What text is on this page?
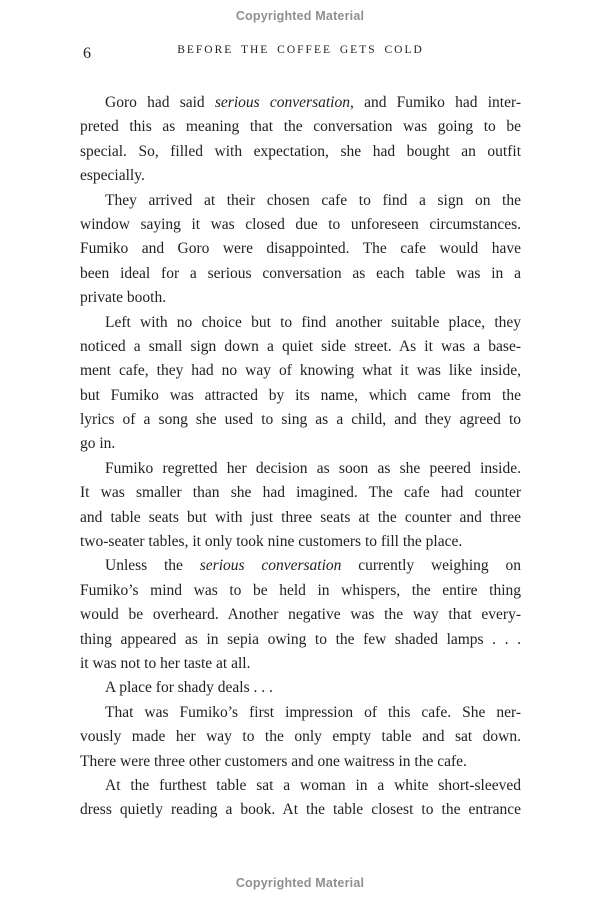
Copyrighted Material
6	BEFORE THE COFFEE GETS COLD
Goro had said serious conversation, and Fumiko had inter-
preted this as meaning that the conversation was going to be
special. So, filled with expectation, she had bought an outfit
especially.
They arrived at their chosen cafe to find a sign on the
window saying it was closed due to unforeseen circumstances.
Fumiko and Goro were disappointed. The cafe would have
been ideal for a serious conversation as each table was in a
private booth.
Left with no choice but to find another suitable place, they
noticed a small sign down a quiet side street. As it was a base-
ment cafe, they had no way of knowing what it was like inside,
but Fumiko was attracted by its name, which came from the
lyrics of a song she used to sing as a child, and they agreed to
go in.
Fumiko regretted her decision as soon as she peered inside.
It was smaller than she had imagined. The cafe had counter
and table seats but with just three seats at the counter and three
two-seater tables, it only took nine customers to fill the place.
Unless the serious conversation currently weighing on
Fumiko’s mind was to be held in whispers, the entire thing
would be overheard. Another negative was the way that every-
thing appeared as in sepia owing to the few shaded lamps . . .
it was not to her taste at all.
A place for shady deals . . .
That was Fumiko’s first impression of this cafe. She ner-
vously made her way to the only empty table and sat down.
There were three other customers and one waitress in the cafe.
At the furthest table sat a woman in a white short-sleeved
dress quietly reading a book. At the table closest to the entrance
Copyrighted Material
